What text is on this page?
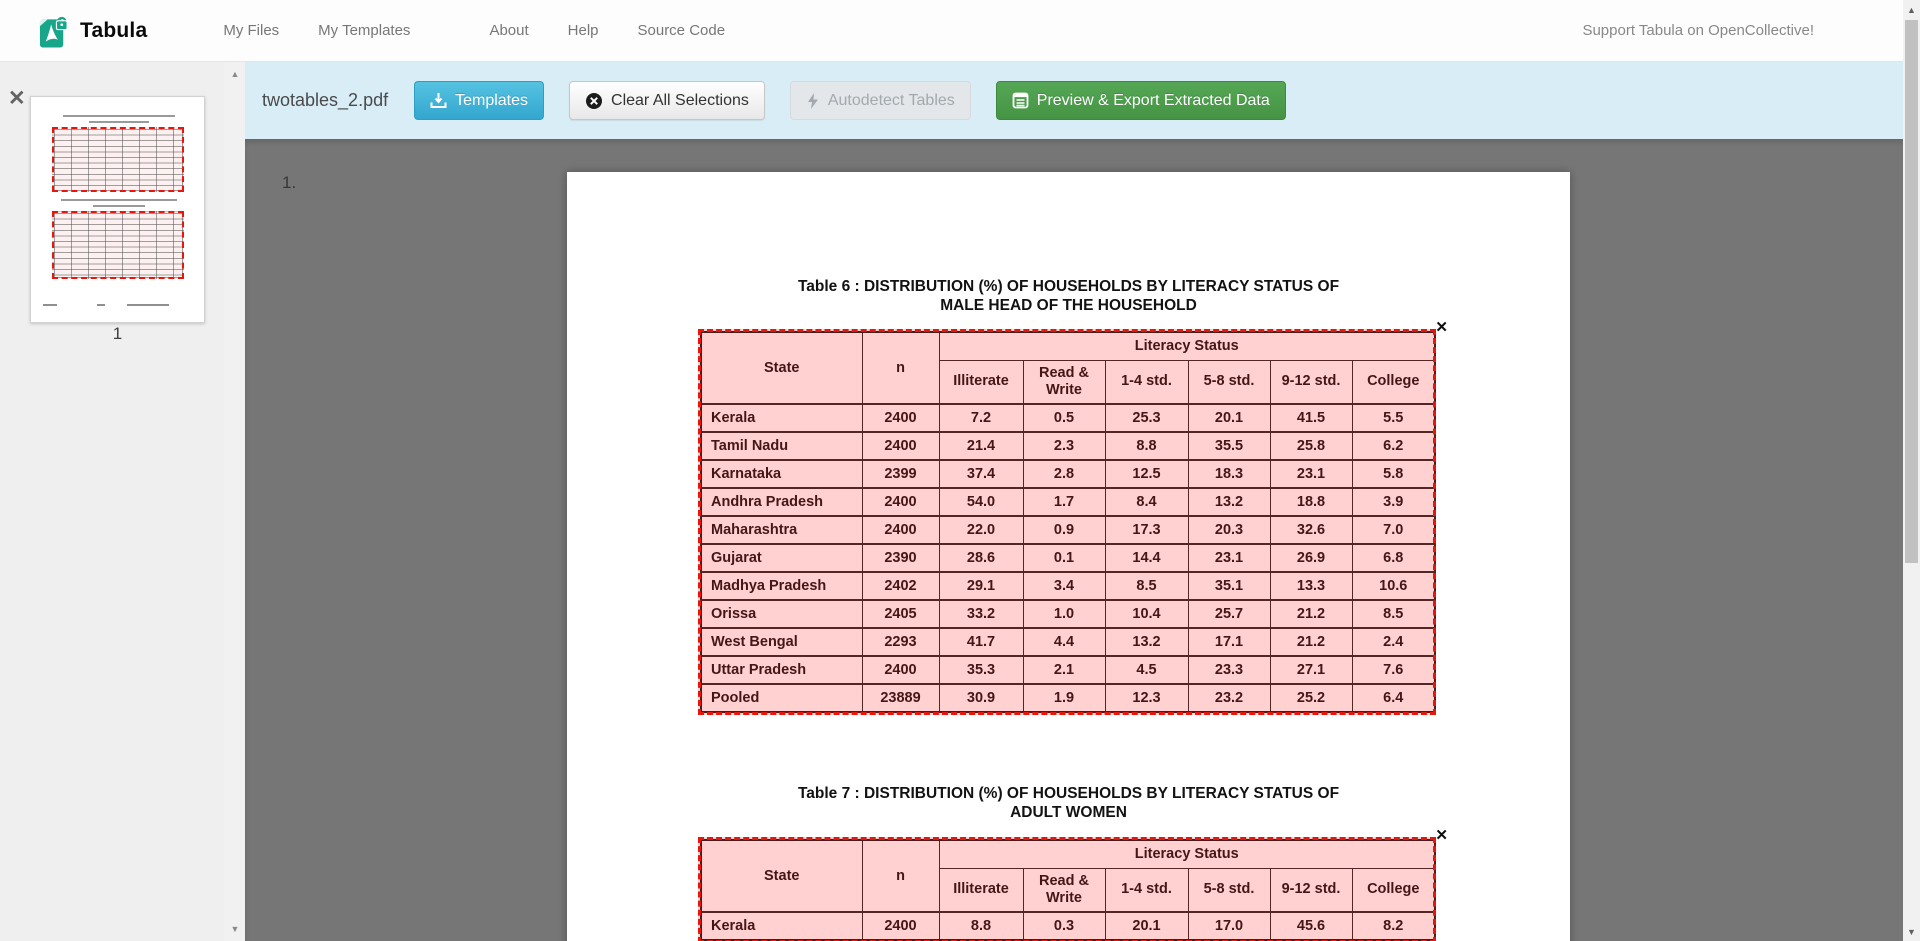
Tabula	My Files	My Templates	About	Help	Source Code	Support Tabula on OpenCollective!
✕
1
▲
▼
twotables_2.pdf	Templates	Clear All Selections	Autodetect Tables	Preview & Export Extracted Data
1.
Table 6 : DISTRIBUTION (%) OF HOUSEHOLDS BY LITERACY STATUS OF
MALE HEAD OF THE HOUSEHOLD
State	n	Literacy Status					
		Illiterate	Read & Write	1-4 std.	5-8 std.	9-12 std.	College
Kerala	2400	7.2	0.5	25.3	20.1	41.5	5.5
Tamil Nadu	2400	21.4	2.3	8.8	35.5	25.8	6.2
Karnataka	2399	37.4	2.8	12.5	18.3	23.1	5.8
Andhra Pradesh	2400	54.0	1.7	8.4	13.2	18.8	3.9
Maharashtra	2400	22.0	0.9	17.3	20.3	32.6	7.0
Gujarat	2390	28.6	0.1	14.4	23.1	26.9	6.8
Madhya Pradesh	2402	29.1	3.4	8.5	35.1	13.3	10.6
Orissa	2405	33.2	1.0	10.4	25.7	21.2	8.5
West Bengal	2293	41.7	4.4	13.2	17.1	21.2	2.4
Uttar Pradesh	2400	35.3	2.1	4.5	23.3	27.1	7.6
Pooled	23889	30.9	1.9	12.3	23.2	25.2	6.4
✕
Table 7 : DISTRIBUTION (%) OF HOUSEHOLDS BY LITERACY STATUS OF
ADULT WOMEN
State	n	Literacy Status					
		Illiterate	Read & Write	1-4 std.	5-8 std.	9-12 std.	College
Kerala	2400	8.8	0.3	20.1	17.0	45.6	8.2
✕
▲
▼
